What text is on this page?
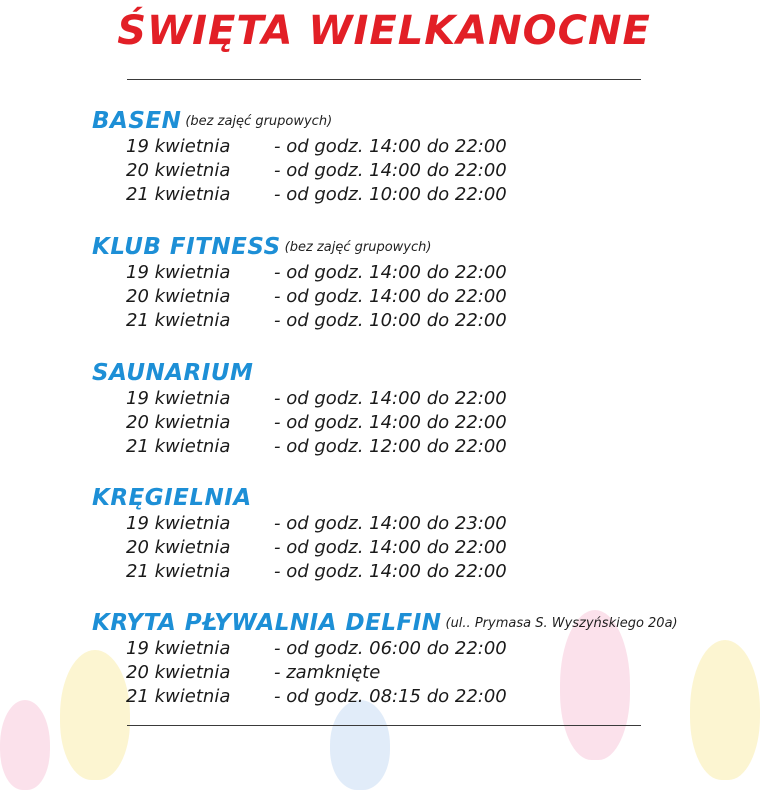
ŚWIĘTA WIELKANOCNE
BASEN (bez zajęć grupowych)
19 kwietnia - od godz. 14:00 do 22:00
20 kwietnia - od godz. 14:00 do 22:00
21 kwietnia - od godz. 10:00 do 22:00
KLUB FITNESS (bez zajęć grupowych)
19 kwietnia - od godz. 14:00 do 22:00
20 kwietnia - od godz. 14:00 do 22:00
21 kwietnia - od godz. 10:00 do 22:00
SAUNARIUM
19 kwietnia - od godz. 14:00 do 22:00
20 kwietnia - od godz. 14:00 do 22:00
21 kwietnia - od godz. 12:00 do 22:00
KRĘGIELNIA
19 kwietnia - od godz. 14:00 do 23:00
20 kwietnia - od godz. 14:00 do 22:00
21 kwietnia - od godz. 14:00 do 22:00
KRYTA PŁYWALNIA DELFIN (ul.. Prymasa S. Wyszyńskiego 20a)
19 kwietnia - od godz. 06:00 do 22:00
20 kwietnia - zamknięte
21 kwietnia - od godz. 08:15 do 22:00
